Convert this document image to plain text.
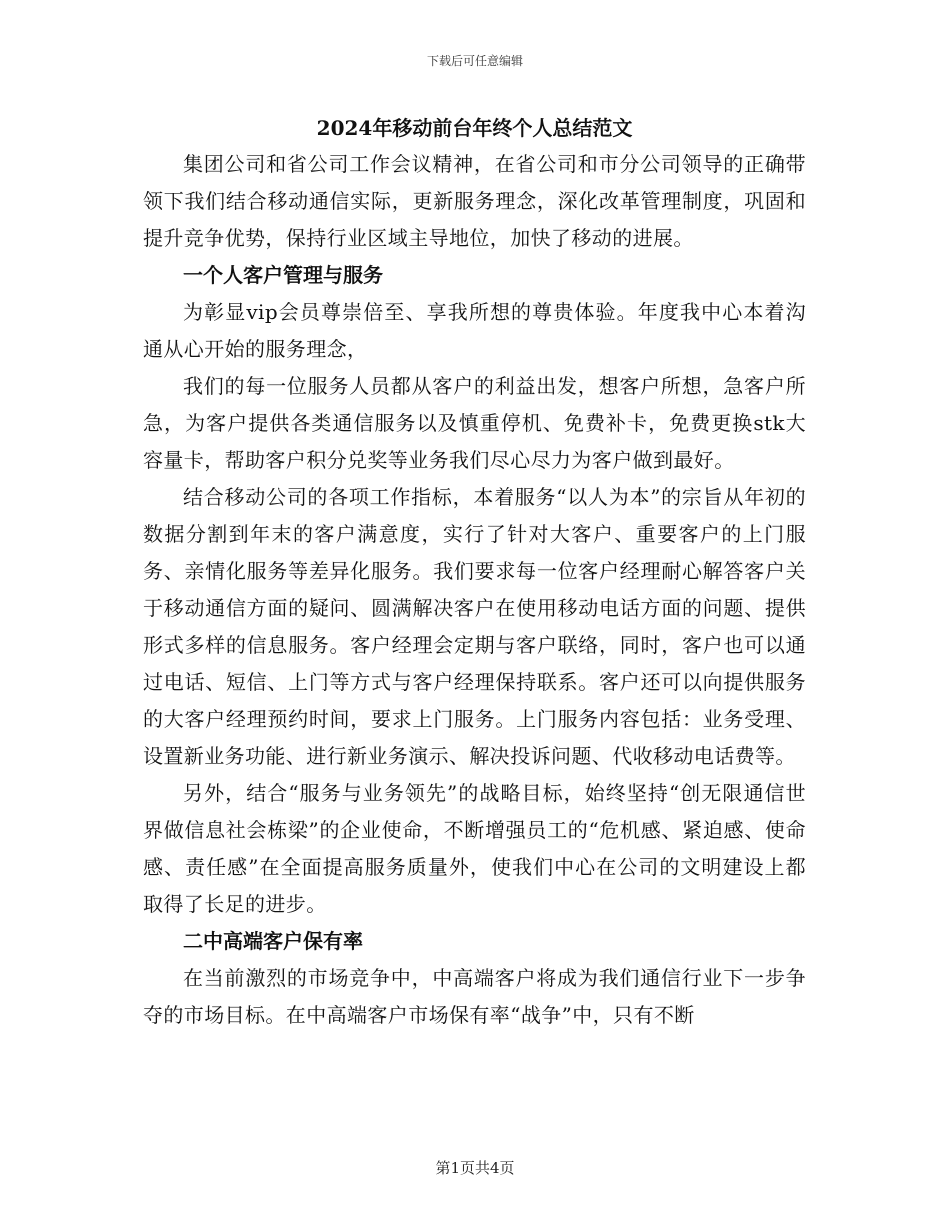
下载后可任意编辑
2024年移动前台年终个人总结范文

集团公司和省公司工作会议精神，在省公司和市分公司领导的正确带领下我们结合移动通信实际，更新服务理念，深化改革管理制度，巩固和提升竞争优势，保持行业区域主导地位，加快了移动的进展。

一个人客户管理与服务

为彰显vip会员尊崇倍至、享我所想的尊贵体验。年度我中心本着沟通从心开始的服务理念，

我们的每一位服务人员都从客户的利益出发，想客户所想，急客户所急，为客户提供各类通信服务以及慎重停机、免费补卡，免费更换stk大容量卡，帮助客户积分兑奖等业务我们尽心尽力为客户做到最好。

结合移动公司的各项工作指标，本着服务“以人为本”的宗旨从年初的数据分割到年末的客户满意度，实行了针对大客户、重要客户的上门服务、亲情化服务等差异化服务。我们要求每一位客户经理耐心解答客户关于移动通信方面的疑问、圆满解决客户在使用移动电话方面的问题、提供形式多样的信息服务。客户经理会定期与客户联络，同时，客户也可以通过电话、短信、上门等方式与客户经理保持联系。客户还可以向提供服务的大客户经理预约时间，要求上门服务。上门服务内容包括：业务受理、设置新业务功能、进行新业务演示、解决投诉问题、代收移动电话费等。

另外，结合“服务与业务领先”的战略目标，始终坚持“创无限通信世界做信息社会栋梁”的企业使命，不断增强员工的“危机感、紧迫感、使命感、责任感”在全面提高服务质量外，使我们中心在公司的文明建设上都取得了长足的进步。

二中高端客户保有率

在当前激烈的市场竞争中，中高端客户将成为我们通信行业下一步争夺的市场目标。在中高端客户市场保有率“战争”中，只有不断

第1页共4页
